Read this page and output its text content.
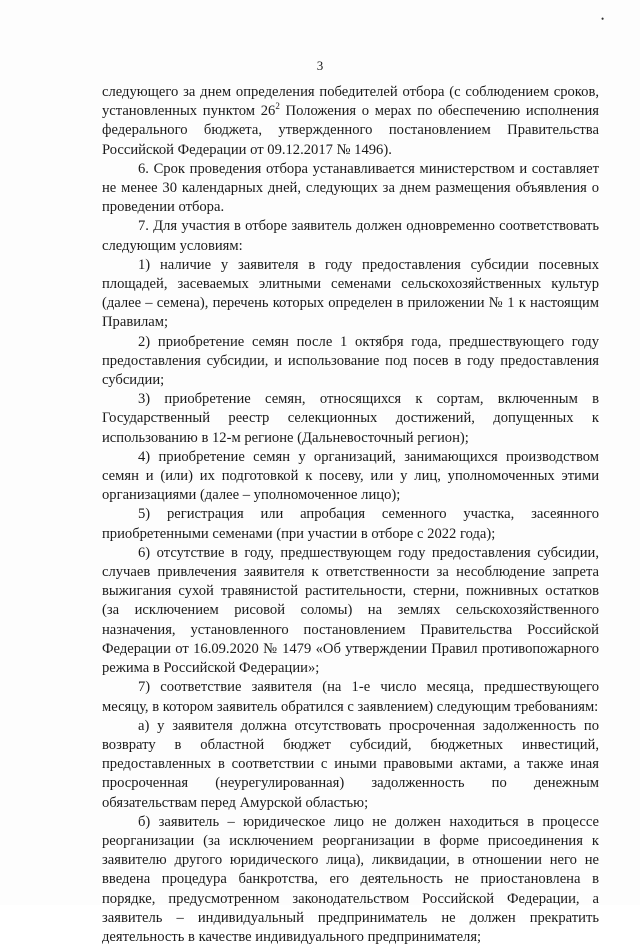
•
3

следующего за днем определения победителей отбора (с соблюдением сроков, установленных пунктом $26^2$ Положения о мерах по обеспечению исполнения федерального бюджета, утвержденного постановлением Правительства Российской Федерации от 09.12.2017 № 1496).

6. Срок проведения отбора устанавливается министерством и составляет не менее 30 календарных дней, следующих за днем размещения объявления о проведении отбора.

7. Для участия в отборе заявитель должен одновременно соответствовать следующим условиям:

1) наличие у заявителя в году предоставления субсидии посевных площадей, засеваемых элитными семенами сельскохозяйственных культур (далее – семена), перечень которых определен в приложении № 1 к настоящим Правилам;

2) приобретение семян после 1 октября года, предшествующего году предоставления субсидии, и использование под посев в году предоставления субсидии;

3) приобретение семян, относящихся к сортам, включенным в Государственный реестр селекционных достижений, допущенных к использованию в 12-м регионе (Дальневосточный регион);

4) приобретение семян у организаций, занимающихся производством семян и (или) их подготовкой к посеву, или у лиц, уполномоченных этими организациями (далее – уполномоченное лицо);

5) регистрация или апробация семенного участка, засеянного приобретенными семенами (при участии в отборе с 2022 года);

6) отсутствие в году, предшествующем году предоставления субсидии, случаев привлечения заявителя к ответственности за несоблюдение запрета выжигания сухой травянистой растительности, стерни, пожнивных остатков (за исключением рисовой соломы) на землях сельскохозяйственного назначения, установленного постановлением Правительства Российской Федерации от 16.09.2020 № 1479 «Об утверждении Правил противопожарного режима в Российской Федерации»;

7) соответствие заявителя (на 1-е число месяца, предшествующего месяцу, в котором заявитель обратился с заявлением) следующим требованиям:

а) у заявителя должна отсутствовать просроченная задолженность по возврату в областной бюджет субсидий, бюджетных инвестиций, предоставленных в соответствии с иными правовыми актами, а также иная просроченная (неурегулированная) задолженность по денежным обязательствам перед Амурской областью;

б) заявитель – юридическое лицо не должен находиться в процессе реорганизации (за исключением реорганизации в форме присоединения к заявителю другого юридического лица), ликвидации, в отношении него не введена процедура банкротства, его деятельность не приостановлена в порядке, предусмотренном законодательством Российской Федерации, а заявитель – индивидуальный предприниматель не должен прекратить деятельность в качестве индивидуального предпринимателя;
